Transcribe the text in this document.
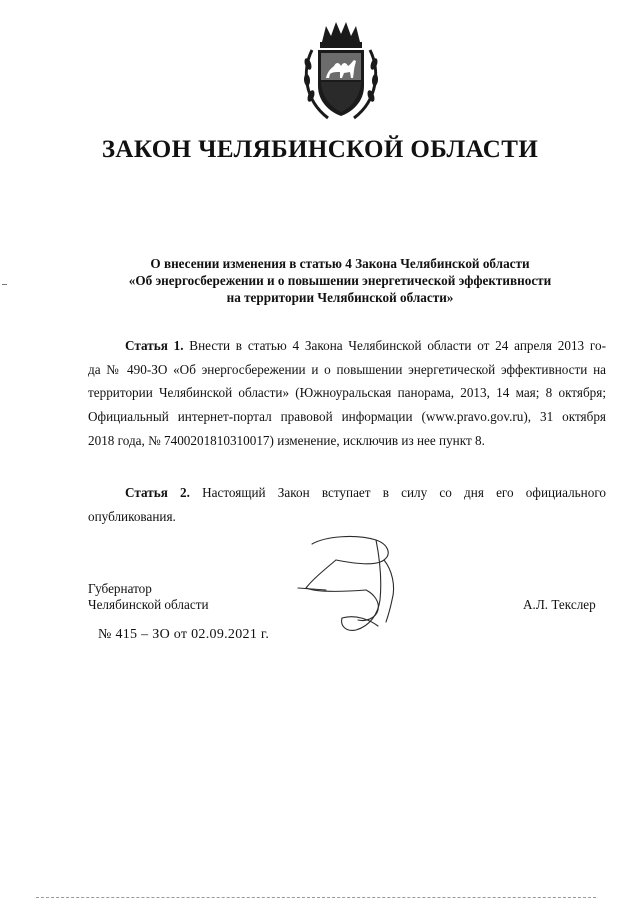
ЗАКОН ЧЕЛЯБИНСКОЙ ОБЛАСТИ
О внесении изменения в статью 4 Закона Челябинской области
«Об энергосбережении и о повышении энергетической эффективности
на территории Челябинской области»
Статья 1. Внести в статью 4 Закона Челябинской области от 24 апреля 2013 го-
да № 490-ЗО «Об энергосбережении и о повышении энергетической эффективности на
территории Челябинской области» (Южноуральская панорама, 2013, 14 мая; 8 октября;
Официальный интернет-портал правовой информации (www.pravo.gov.ru), 31 октября
2018 года, № 7400201810310017) изменение, исключив из нее пункт 8.
Статья 2. Настоящий Закон вступает в силу со дня его официального
опубликования.
Губернатор
Челябинской области	А.Л. Текслер
№ 415 – ЗО от 02.09.2021 г.
